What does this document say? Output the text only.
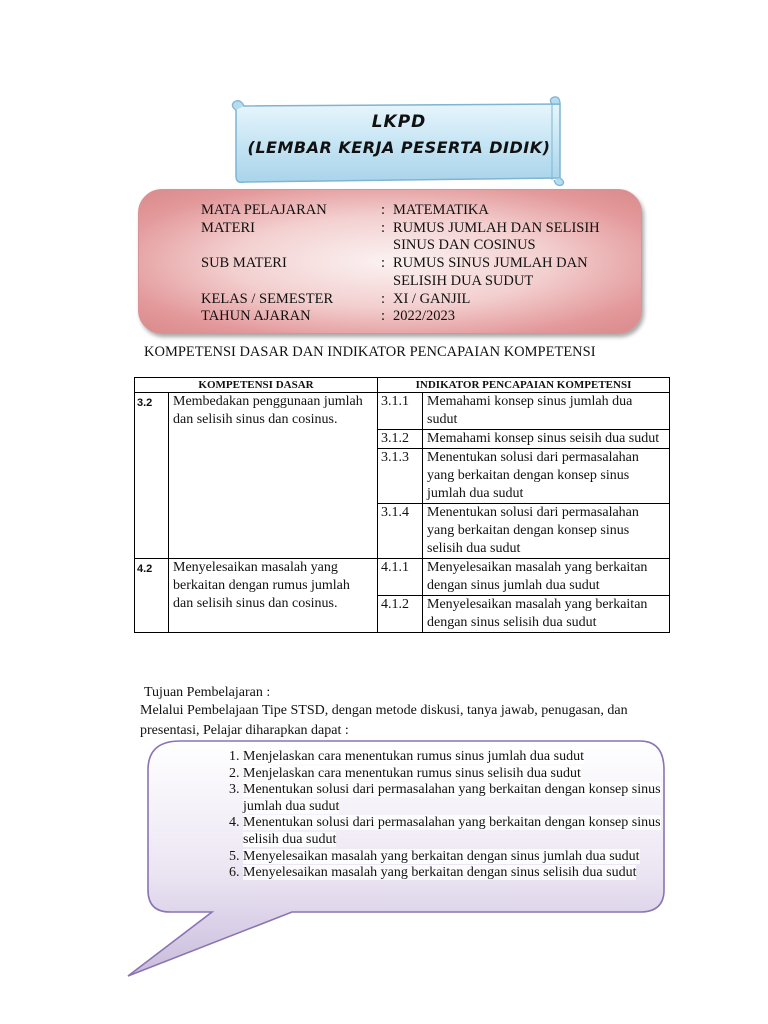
LKPD
(LEMBAR KERJA PESERTA DIDIK)
MATA PELAJARAN	: MATEMATIKA
MATERI	: RUMUS JUMLAH DAN SELISIH SINUS DAN COSINUS
SUB MATERI	: RUMUS SINUS JUMLAH DAN SELISIH DUA SUDUT
KELAS / SEMESTER	: XI / GANJIL
TAHUN AJARAN	: 2022/2023
KOMPETENSI DASAR DAN INDIKATOR PENCAPAIAN KOMPETENSI
KOMPETENSI DASAR		INDIKATOR PENCAPAIAN KOMPETENSI	
3.2	Membedakan penggunaan jumlah dan selisih sinus dan cosinus.	3.1.1	Memahami konsep sinus jumlah dua sudut
		3.1.2	Memahami konsep sinus seisih dua sudut
		3.1.3	Menentukan solusi dari permasalahan yang berkaitan dengan konsep sinus jumlah dua sudut
		3.1.4	Menentukan solusi dari permasalahan yang berkaitan dengan konsep sinus selisih dua sudut
4.2	Menyelesaikan masalah yang berkaitan dengan rumus jumlah dan selisih sinus dan cosinus.	4.1.1	Menyelesaikan masalah yang berkaitan dengan sinus jumlah dua sudut
		4.1.2	Menyelesaikan masalah yang berkaitan dengan sinus selisih dua sudut
Tujuan Pembelajaran :
Melalui Pembelajaan Tipe STSD, dengan metode diskusi, tanya jawab, penugasan, dan presentasi, Pelajar diharapkan dapat :
1. Menjelaskan cara menentukan rumus sinus jumlah dua sudut
2. Menjelaskan cara menentukan rumus sinus selisih dua sudut
3. Menentukan solusi dari permasalahan yang berkaitan dengan konsep sinus jumlah dua sudut
4. Menentukan solusi dari permasalahan yang berkaitan dengan konsep sinus selisih dua sudut
5. Menyelesaikan masalah yang berkaitan dengan sinus jumlah dua sudut
6. Menyelesaikan masalah yang berkaitan dengan sinus selisih dua sudut
